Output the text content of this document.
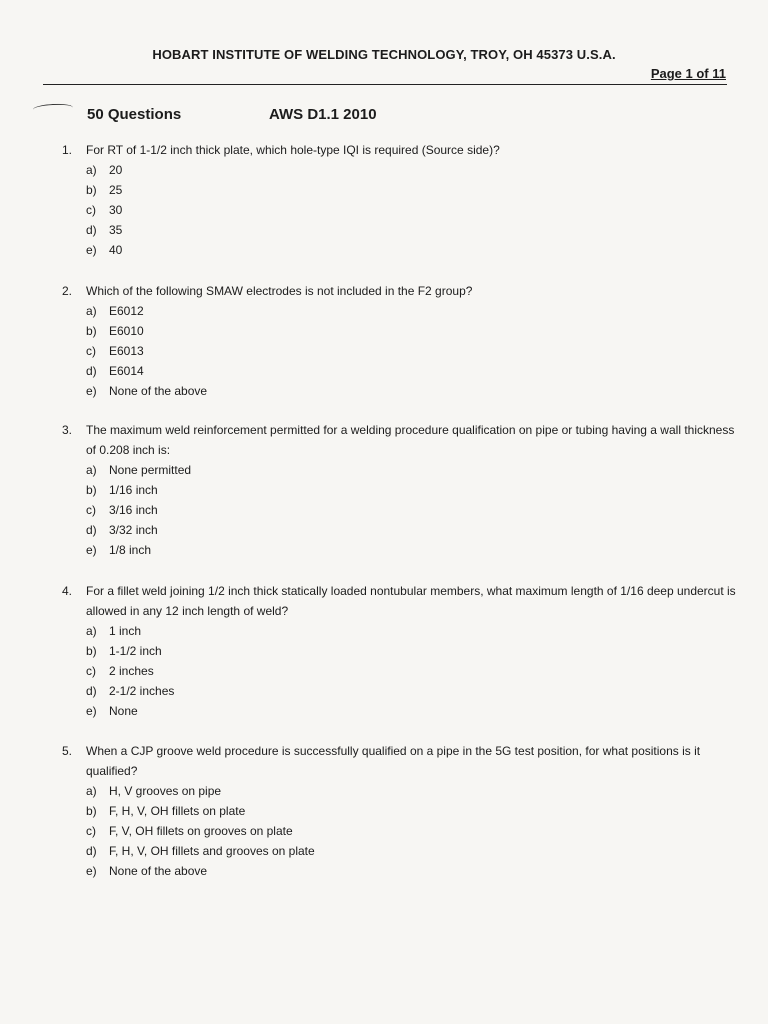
HOBART INSTITUTE OF WELDING TECHNOLOGY, TROY, OH 45373 U.S.A.
Page 1 of 11
50 Questions	AWS D1.1 2010
1.	For RT of 1-1/2 inch thick plate, which hole-type IQI is required (Source side)?
a)	20
b)	25
c)	30
d)	35
e)	40
2.	Which of the following SMAW electrodes is not included in the F2 group?
a)	E6012
b)	E6010
c)	E6013
d)	E6014
e)	None of the above
3.	The maximum weld reinforcement permitted for a welding procedure qualification on pipe or tubing having a wall thickness of 0.208 inch is:
a)	None permitted
b)	1/16 inch
c)	3/16 inch
d)	3/32 inch
e)	1/8 inch
4.	For a fillet weld joining 1/2 inch thick statically loaded nontubular members, what maximum length of 1/16 deep undercut is allowed in any 12 inch length of weld?
a)	1 inch
b)	1-1/2 inch
c)	2 inches
d)	2-1/2 inches
e)	None
5.	When a CJP groove weld procedure is successfully qualified on a pipe in the 5G test position, for what positions is it qualified?
a)	H, V grooves on pipe
b)	F, H, V, OH fillets on plate
c)	F, V, OH fillets on grooves on plate
d)	F, H, V, OH fillets and grooves on plate
e)	None of the above
